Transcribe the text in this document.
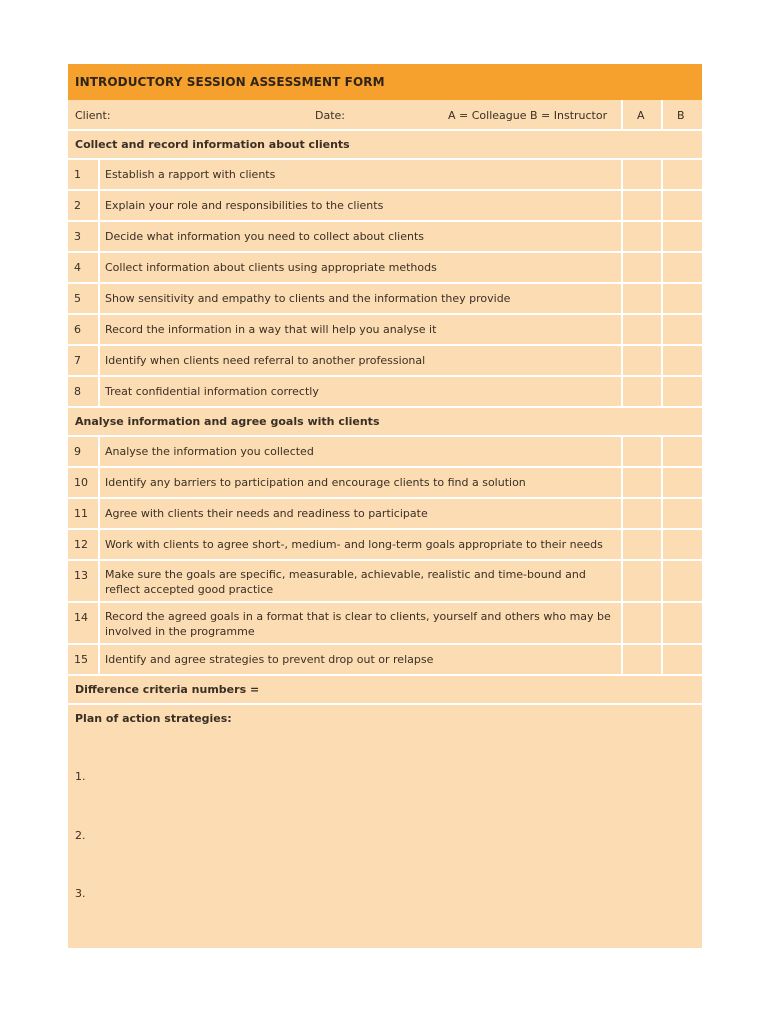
INTRODUCTORY SESSION ASSESSMENT FORM
Client:	Date:	A = Colleague B = Instructor	A	B
Collect and record information about clients
1 Establish a rapport with clients
2 Explain your role and responsibilities to the clients
3 Decide what information you need to collect about clients
4 Collect information about clients using appropriate methods
5 Show sensitivity and empathy to clients and the information they provide
6 Record the information in a way that will help you analyse it
7 Identify when clients need referral to another professional
8 Treat confidential information correctly
Analyse information and agree goals with clients
9 Analyse the information you collected
10 Identify any barriers to participation and encourage clients to find a solution
11 Agree with clients their needs and readiness to participate
12 Work with clients to agree short-, medium- and long-term goals appropriate to their needs
13 Make sure the goals are specific, measurable, achievable, realistic and time-bound and reflect accepted good practice
14 Record the agreed goals in a format that is clear to clients, yourself and others who may be involved in the programme
15 Identify and agree strategies to prevent drop out or relapse
Difference criteria numbers =
Plan of action strategies:
1.
2.
3.
